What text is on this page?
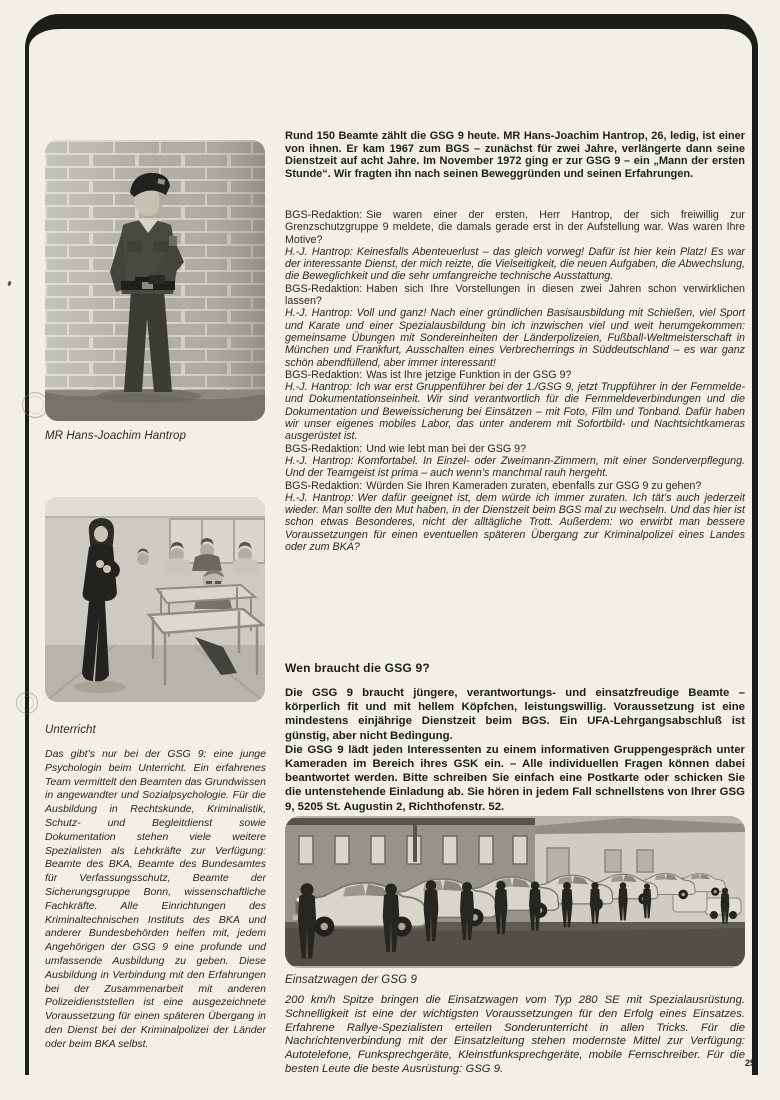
MR Hans-Joachim Hantrop
Unterricht
Das gibt’s nur bei der GSG 9: eine junge Psychologin beim Unterricht. Ein erfahrenes Team vermittelt den Beamten das Grundwissen in angewandter und Sozialpsychologie. Für die Ausbildung in Rechtskunde, Kriminalistik, Schutz- und Begleitdienst sowie Dokumentation stehen viele weitere Spezialisten als Lehrkräfte zur Verfügung: Beamte des BKA, Beamte des Bundesamtes für Verfassungsschutz, Beamte der Sicherungsgruppe Bonn, wissenschaftliche Fachkräfte. Alle Einrichtungen des Kriminaltechnischen Instituts des BKA und anderer Bundesbehörden helfen mit, jedem Angehörigen der GSG 9 eine profunde und umfassende Ausbildung zu geben. Diese Ausbildung in Verbindung mit den Erfahrungen bei der Zusammenarbeit mit anderen Polizeidienststellen ist eine ausgezeichnete Voraussetzung für einen späteren Übergang in den Dienst bei der Kriminalpolizei der Länder oder beim BKA selbst.
Rund 150 Beamte zählt die GSG 9 heute. MR Hans-Joachim Hantrop, 26, ledig, ist einer von ihnen. Er kam 1967 zum BGS – zunächst für zwei Jahre, verlängerte dann seine Dienstzeit auf acht Jahre. Im November 1972 ging er zur GSG 9 – ein „Mann der ersten Stunde“. Wir fragten ihn nach seinen Beweggründen und seinen Erfahrungen.

BGS-Redaktion: Sie waren einer der ersten, Herr Hantrop, der sich freiwillig zur Grenzschutzgruppe 9 meldete, die damals gerade erst in der Aufstellung war. Was waren Ihre Motive?

H.-J. Hantrop: Keinesfalls Abenteuerlust – das gleich vorweg! Dafür ist hier kein Platz! Es war der interessante Dienst, der mich reizte, die Vielseitigkeit, die neuen Aufgaben, die Abwechslung, die Beweglichkeit und die sehr umfangreiche technische Ausstattung.

BGS-Redaktion: Haben sich Ihre Vorstellungen in diesen zwei Jahren schon verwirklichen lassen?

H.-J. Hantrop: Voll und ganz! Nach einer gründlichen Basisausbildung mit Schießen, viel Sport und Karate und einer Spezialausbildung bin ich inzwischen viel und weit herumgekommen: gemeinsame Übungen mit Sondereinheiten der Länderpolizeien, Fußball-Weltmeisterschaft in München und Frankfurt, Ausschalten eines Verbrecherrings in Süddeutschland – es war ganz schön abendfüllend, aber immer interessant!

BGS-Redaktion: Was ist Ihre jetzige Funktion in der GSG 9?

H.-J. Hantrop: Ich war erst Gruppenführer bei der 1./GSG 9, jetzt Truppführer in der Fernmelde- und Dokumentationseinheit. Wir sind verantwortlich für die Fernmeldeverbindungen und die Dokumentation und Beweissicherung bei Einsätzen – mit Foto, Film und Tonband. Dafür haben wir unser eigenes mobiles Labor, das unter anderem mit Sofortbild- und Nachtsichtkameras ausgerüstet ist.

BGS-Redaktion: Und wie lebt man bei der GSG 9?

H.-J. Hantrop: Komfortabel. In Einzel- oder Zweimann-Zimmern, mit einer Sonderverpflegung. Und der Teamgeist ist prima – auch wenn’s manchmal rauh hergeht.

BGS-Redaktion: Würden Sie Ihren Kameraden zuraten, ebenfalls zur GSG 9 zu gehen?

H.-J. Hantrop: Wer dafür geeignet ist, dem würde ich immer zuraten. Ich tät’s auch jederzeit wieder. Man sollte den Mut haben, in der Dienstzeit beim BGS mal zu wechseln. Und das hier ist schon etwas Besonderes, nicht der alltägliche Trott. Außerdem: wo erwirbt man bessere Voraussetzungen für einen eventuellen späteren Übergang zur Kriminalpolizei eines Landes oder zum BKA?

Wen braucht die GSG 9?

Die GSG 9 braucht jüngere, verantwortungs- und einsatzfreudige Beamte – körperlich fit und mit hellem Köpfchen, leistungswillig. Voraussetzung ist eine mindestens einjährige Dienstzeit beim BGS. Ein UFA-Lehrgangsabschluß ist günstig, aber nicht Bedingung.

Die GSG 9 lädt jeden Interessenten zu einem informativen Gruppengespräch unter Kameraden im Bereich ihres GSK ein. – Alle individuellen Fragen können dabei beantwortet werden. Bitte schreiben Sie einfach eine Postkarte oder schicken Sie die untenstehende Einladung ab. Sie hören in jedem Fall schnellstens von Ihrer GSG 9, 5205 St. Augustin 2, Richthofenstr. 52.

Einsatzwagen der GSG 9
200 km/h Spitze bringen die Einsatzwagen vom Typ 280 SE mit Spezialausrüstung. Schnelligkeit ist eine der wichtigsten Voraussetzungen für den Erfolg eines Einsatzes. Erfahrene Rallye-Spezialisten erteilen Sonderunterricht in allen Tricks. Für die Nachrichtenverbindung mit der Einsatzleitung stehen modernste Mittel zur Verfügung: Autotelefone, Funksprechgeräte, Kleinstfunksprechgeräte, mobile Fernschreiber. Für die besten Leute die beste Ausrüstung: GSG 9.	25
